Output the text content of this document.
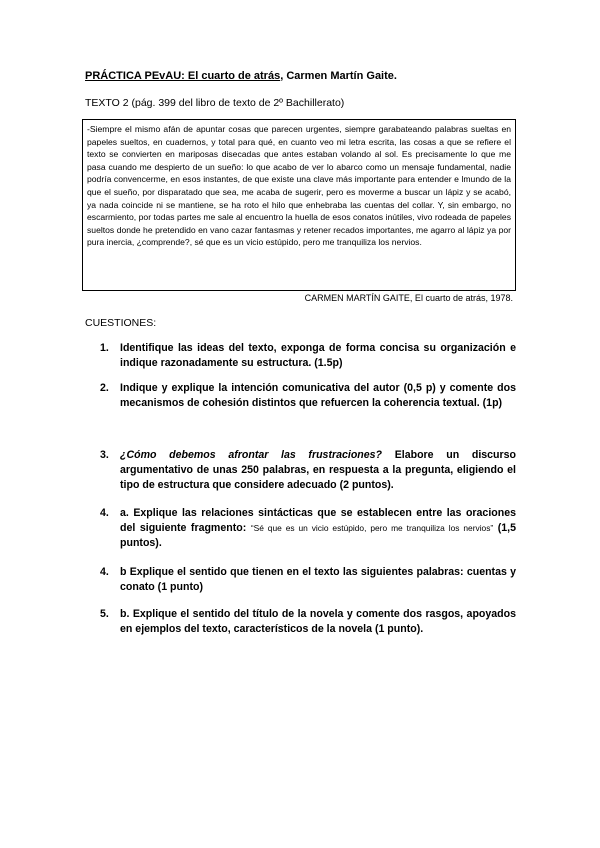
PRÁCTICA PEvAU: El cuarto de atrás, Carmen Martín Gaite.
TEXTO 2 (pág. 399 del libro de texto de 2º Bachillerato)
-Siempre el mismo afán de apuntar cosas que parecen urgentes, siempre garabateando palabras sueltas en papeles sueltos, en cuadernos, y total para qué, en cuanto veo mi letra escrita, las cosas a que se refiere el texto se convierten en mariposas disecadas que antes estaban volando al sol. Es precisamente lo que me pasa cuando me despierto de un sueño: lo que acabo de ver lo abarco como un mensaje fundamental, nadie podría convencerme, en esos instantes, de que existe una clave más importante para entender e lmundo de la que el sueño, por disparatado que sea, me acaba de sugerir, pero es moverme a buscar un lápiz y se acabó, ya nada coincide ni se mantiene, se ha roto el hilo que enhebraba las cuentas del collar. Y, sin embargo, no escarmiento, por todas partes me sale al encuentro la huella de esos conatos inútiles, vivo rodeada de papeles sueltos donde he pretendido en vano cazar fantasmas y retener recados importantes, me agarro al lápiz ya por pura inercia, ¿comprende?, sé que es un vicio estúpido, pero me tranquiliza los nervios.
CARMEN MARTÍN GAITE, El cuarto de atrás, 1978.
CUESTIONES:
1.	Identifique las ideas del texto, exponga de forma concisa su organización e indique razonadamente su estructura. (1.5p)
2.	Indique y explique la intención comunicativa del autor (0,5 p) y comente dos mecanismos de cohesión distintos que refuercen la coherencia textual. (1p)
3.	¿Cómo debemos afrontar las frustraciones? Elabore un discurso argumentativo de unas 250 palabras, en respuesta a la pregunta, eligiendo el tipo de estructura que considere adecuado (2 puntos).
4.	a. Explique las relaciones sintácticas que se establecen entre las oraciones del siguiente fragmento: “Sé que es un vicio estúpido, pero me tranquiliza los nervios” (1,5 puntos).
4.	b Explique el sentido que tienen en el texto las siguientes palabras: cuentas y conato (1 punto)
5.	b. Explique el sentido del título de la novela y comente dos rasgos, apoyados en ejemplos del texto, característicos de la novela (1 punto).
